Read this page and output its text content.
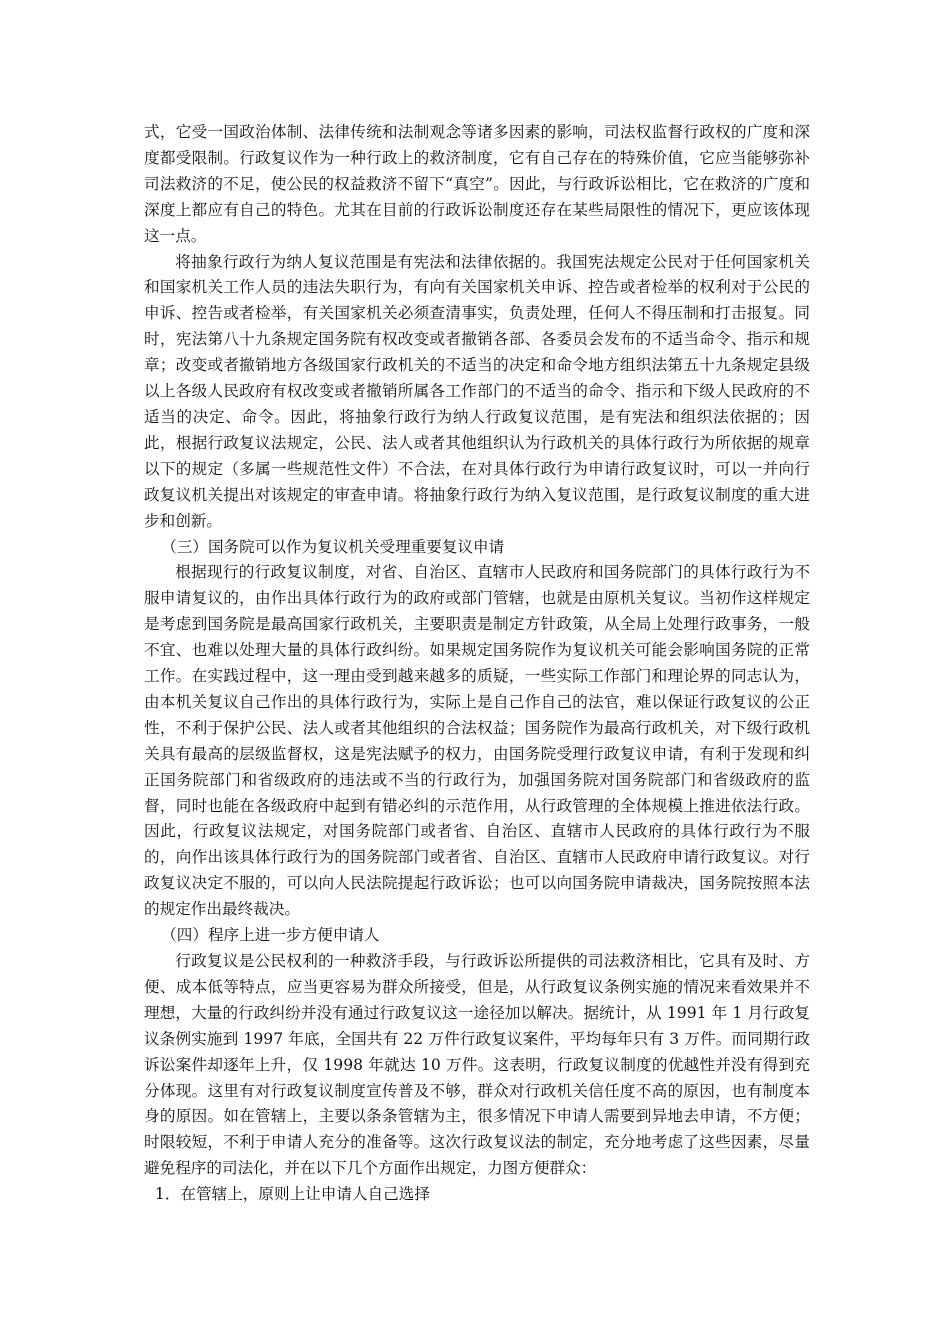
式，它受一国政治体制、法律传统和法制观念等诸多因素的影响，司法权监督行政权的广度和深度都受限制。行政复议作为一种行政上的救济制度，它有自己存在的特殊价值，它应当能够弥补司法救济的不足，使公民的权益救济不留下“真空”。因此，与行政诉讼相比，它在救济的广度和深度上都应有自己的特色。尤其在目前的行政诉讼制度还存在某些局限性的情况下，更应该体现这一点。

将抽象行政行为纳人复议范围是有宪法和法律依据的。我国宪法规定公民对于任何国家机关和国家机关工作人员的违法失职行为，有向有关国家机关申诉、控告或者检举的权利对于公民的申诉、控告或者检举，有关国家机关必须查清事实，负责处理，任何人不得压制和打击报复。同时，宪法第八十九条规定国务院有权改变或者撤销各部、各委员会发布的不适当命令、指示和规章；改变或者撤销地方各级国家行政机关的不适当的决定和命令地方组织法第五十九条规定县级以上各级人民政府有权改变或者撤销所属各工作部门的不适当的命令、指示和下级人民政府的不适当的决定、命令。因此，将抽象行政行为纳人行政复议范围，是有宪法和组织法依据的；因此，根据行政复议法规定，公民、法人或者其他组织认为行政机关的具体行政行为所依据的规章以下的规定（多属一些规范性文件）不合法，在对具体行政行为申请行政复议时，可以一并向行政复议机关提出对该规定的审查申请。将抽象行政行为纳入复议范围，是行政复议制度的重大进步和创新。

（三）国务院可以作为复议机关受理重要复议申请

根据现行的行政复议制度，对省、自治区、直辖市人民政府和国务院部门的具体行政行为不服申请复议的，由作出具体行政行为的政府或部门管辖，也就是由原机关复议。当初作这样规定是考虑到国务院是最高国家行政机关，主要职责是制定方针政策，从全局上处理行政事务，一般不宜、也难以处理大量的具体行政纠纷。如果规定国务院作为复议机关可能会影响国务院的正常工作。在实践过程中，这一理由受到越来越多的质疑，一些实际工作部门和理论界的同志认为，由本机关复议自己作出的具体行政行为，实际上是自己作自己的法官，难以保证行政复议的公正性，不利于保护公民、法人或者其他组织的合法权益；国务院作为最高行政机关，对下级行政机关具有最高的层级监督权，这是宪法赋予的权力，由国务院受理行政复议申请，有利于发现和纠正国务院部门和省级政府的违法或不当的行政行为，加强国务院对国务院部门和省级政府的监督，同时也能在各级政府中起到有错必纠的示范作用，从行政管理的全体规模上推进依法行政。因此，行政复议法规定，对国务院部门或者省、自治区、直辖市人民政府的具体行政行为不服的，向作出该具体行政行为的国务院部门或者省、自治区、直辖市人民政府申请行政复议。对行政复议决定不服的，可以向人民法院提起行政诉讼；也可以向国务院申请裁决，国务院按照本法的规定作出最终裁决。

（四）程序上进一步方便申请人

行政复议是公民权利的一种救济手段，与行政诉讼所提供的司法救济相比，它具有及时、方便、成本低等特点，应当更容易为群众所接受，但是，从行政复议条例实施的情况来看效果并不理想，大量的行政纠纷并没有通过行政复议这一途径加以解决。据统计，从 1991 年 1 月行政复议条例实施到 1997 年底，全国共有 22 万件行政复议案件，平均每年只有 3 万件。而同期行政诉讼案件却逐年上升，仅 1998 年就达 10 万件。这表明，行政复议制度的优越性并没有得到充分体现。这里有对行政复议制度宣传普及不够，群众对行政机关信任度不高的原因，也有制度本身的原因。如在管辖上，主要以条条管辖为主，很多情况下申请人需要到异地去申请，不方便；时限较短，不利于申请人充分的准备等。这次行政复议法的制定，充分地考虑了这些因素，尽量避免程序的司法化，并在以下几个方面作出规定，力图方便群众：

1．在管辖上，原则上让申请人自己选择
